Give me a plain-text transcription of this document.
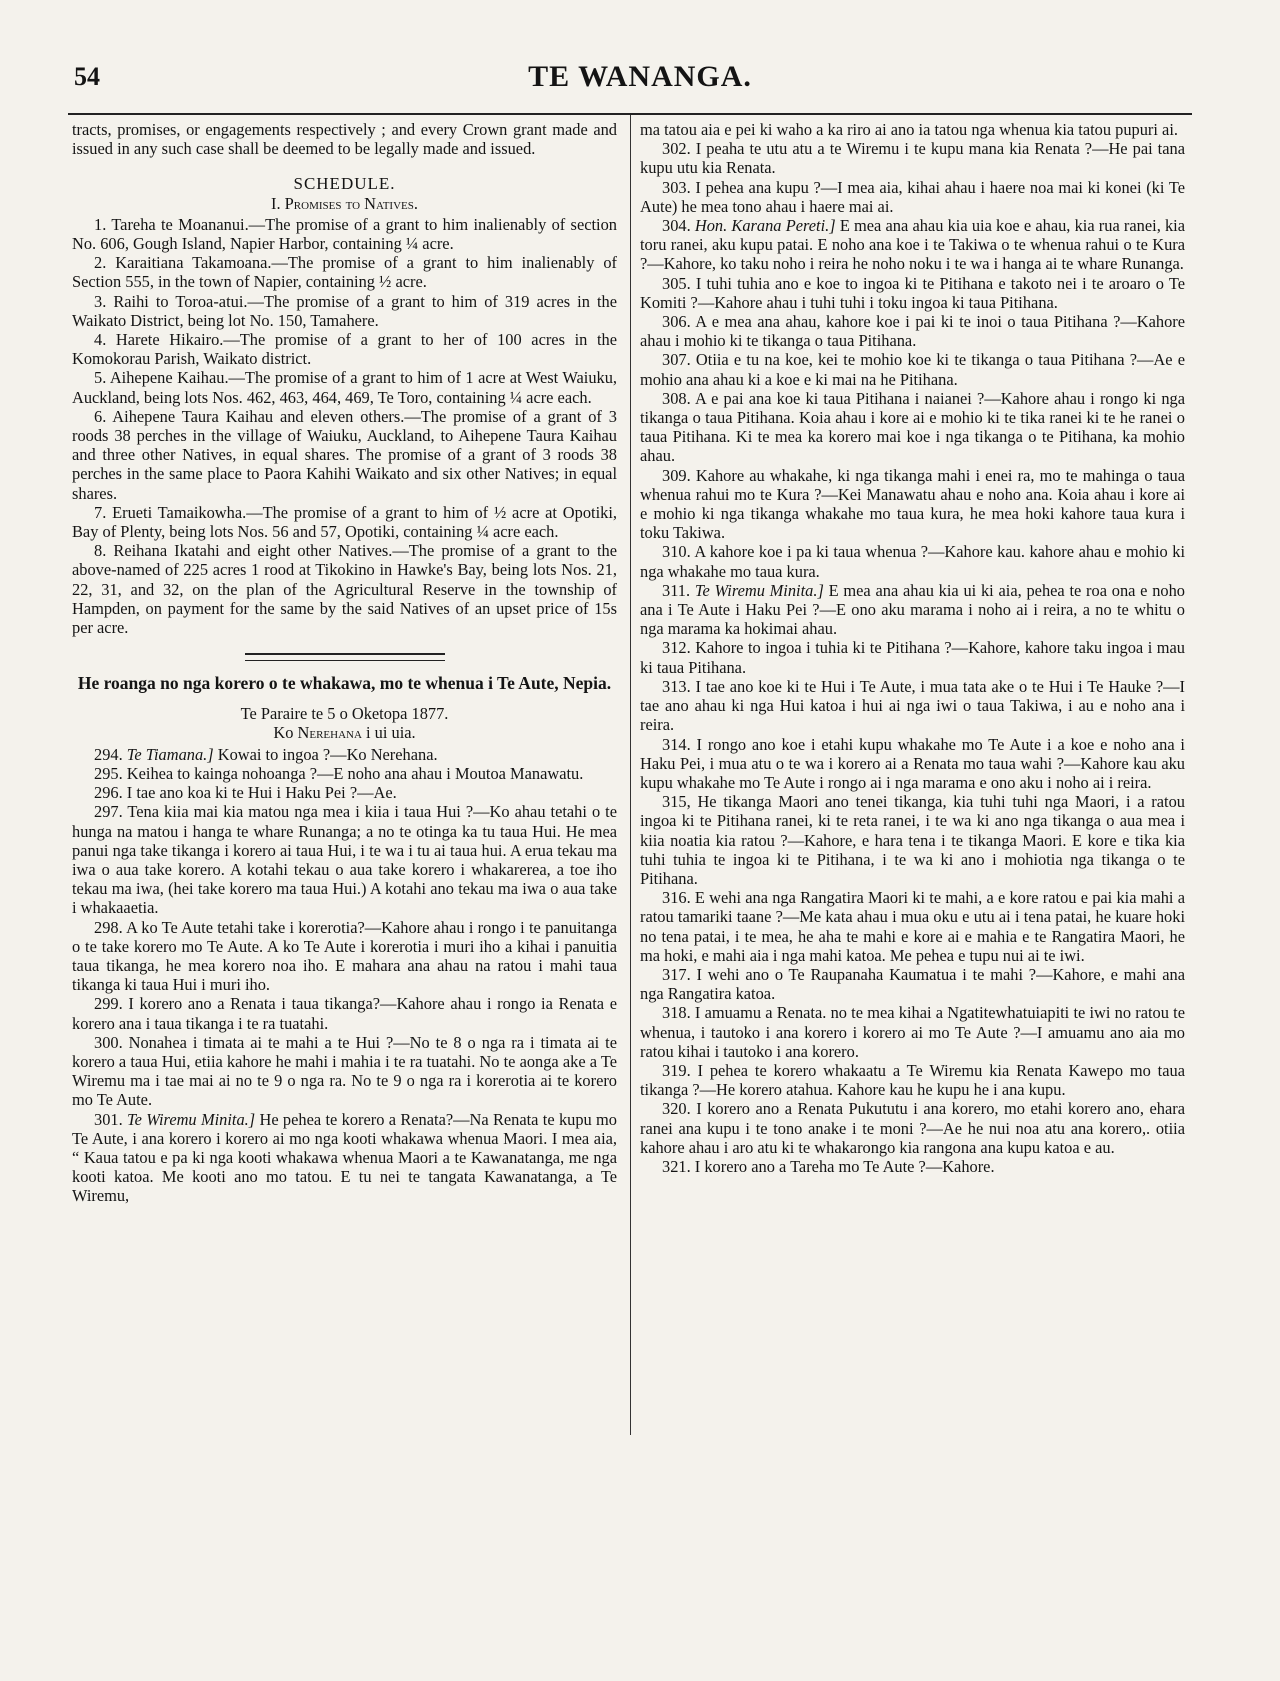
54	TE WANANGA.

tracts, promises, or engagements respectively ; and every Crown grant made and issued in any such case shall be deemed to be legally made and issued.

SCHEDULE.

I. Promises to Natives.

1. Tareha te Moananui.—The promise of a grant to him inalienably of section No. 606, Gough Island, Napier Harbor, containing ¼ acre.

2. Karaitiana Takamoana.—The promise of a grant to him inalienably of Section 555, in the town of Napier, containing ½ acre.

3. Raihi to Toroa-atui.—The promise of a grant to him of 319 acres in the Waikato District, being lot No. 150, Tamahere.

4. Harete Hikairo.—The promise of a grant to her of 100 acres in the Komokorau Parish, Waikato district.

5. Aihepene Kaihau.—The promise of a grant to him of 1 acre at West Waiuku, Auckland, being lots Nos. 462, 463, 464, 469, Te Toro, containing ¼ acre each.

6. Aihepene Taura Kaihau and eleven others.—The promise of a grant of 3 roods 38 perches in the village of Waiuku, Auckland, to Aihepene Taura Kaihau and three other Natives, in equal shares. The promise of a grant of 3 roods 38 perches in the same place to Paora Kahihi Waikato and six other Natives; in equal shares.

7. Erueti Tamaikowha.—The promise of a grant to him of ½ acre at Opotiki, Bay of Plenty, being lots Nos. 56 and 57, Opotiki, containing ¼ acre each.

8. Reihana Ikatahi and eight other Natives.—The promise of a grant to the above-named of 225 acres 1 rood at Tikokino in Hawke's Bay, being lots Nos. 21, 22, 31, and 32, on the plan of the Agricultural Reserve in the township of Hampden, on payment for the same by the said Natives of an upset price of 15s per acre.

He roanga no nga korero o te whakawa, mo te whenua i Te Aute, Nepia.

Te Paraire te 5 o Oketopa 1877.

Ko Nerehana i ui uia.

294. Te Tiamana.] Kowai to ingoa ?—Ko Nerehana.

295. Keihea to kainga nohoanga ?—E noho ana ahau i Moutoa Manawatu.

296. I tae ano koa ki te Hui i Haku Pei ?—Ae.

297. Tena kiia mai kia matou nga mea i kiia i taua Hui ?—Ko ahau tetahi o te hunga na matou i hanga te whare Runanga; a no te otinga ka tu taua Hui. He mea panui nga take tikanga i korero ai taua Hui, i te wa i tu ai taua hui. A erua tekau ma iwa o aua take korero. A kotahi tekau o aua take korero i whakarerea, a toe iho tekau ma iwa, (hei take korero ma taua Hui.) A kotahi ano tekau ma iwa o aua take i whakaaetia.

298. A ko Te Aute tetahi take i korerotia?—Kahore ahau i rongo i te panuitanga o te take korero mo Te Aute. A ko Te Aute i korerotia i muri iho a kihai i panuitia taua tikanga, he mea korero noa iho. E mahara ana ahau na ratou i mahi taua tikanga ki taua Hui i muri iho.

299. I korero ano a Renata i taua tikanga?—Kahore ahau i rongo ia Renata e korero ana i taua tikanga i te ra tuatahi.

300. Nonahea i timata ai te mahi a te Hui ?—No te 8 o nga ra i timata ai te korero a taua Hui, etiia kahore he mahi i mahia i te ra tuatahi. No te aonga ake a Te Wiremu ma i tae mai ai no te 9 o nga ra. No te 9 o nga ra i korerotia ai te korero mo Te Aute.

301. Te Wiremu Minita.] He pehea te korero a Renata?—Na Renata te kupu mo Te Aute, i ana korero i korero ai mo nga kooti whakawa whenua Maori. I mea aia, “ Kaua tatou e pa ki nga kooti whakawa whenua Maori a te Kawanatanga, me nga kooti katoa. Me kooti ano mo tatou. E tu nei te tangata Kawanatanga, a Te Wiremu,

ma tatou aia e pei ki waho a ka riro ai ano ia tatou nga whenua kia tatou pupuri ai.

302. I peaha te utu atu a te Wiremu i te kupu mana kia Renata ?—He pai tana kupu utu kia Renata.

303. I pehea ana kupu ?—I mea aia, kihai ahau i haere noa mai ki konei (ki Te Aute) he mea tono ahau i haere mai ai.

304. Hon. Karana Pereti.] E mea ana ahau kia uia koe e ahau, kia rua ranei, kia toru ranei, aku kupu patai. E noho ana koe i te Takiwa o te whenua rahui o te Kura ?—Kahore, ko taku noho i reira he noho noku i te wa i hanga ai te whare Runanga.

305. I tuhi tuhia ano e koe to ingoa ki te Pitihana e takoto nei i te aroaro o Te Komiti ?—Kahore ahau i tuhi tuhi i toku ingoa ki taua Pitihana.

306. A e mea ana ahau, kahore koe i pai ki te inoi o taua Pitihana ?—Kahore ahau i mohio ki te tikanga o taua Pitihana.

307. Otiia e tu na koe, kei te mohio koe ki te tikanga o taua Pitihana ?—Ae e mohio ana ahau ki a koe e ki mai na he Pitihana.

308. A e pai ana koe ki taua Pitihana i naianei ?—Kahore ahau i rongo ki nga tikanga o taua Pitihana. Koia ahau i kore ai e mohio ki te tika ranei ki te he ranei o taua Pitihana. Ki te mea ka korero mai koe i nga tikanga o te Pitihana, ka mohio ahau.

309. Kahore au whakahe, ki nga tikanga mahi i enei ra, mo te mahinga o taua whenua rahui mo te Kura ?—Kei Manawatu ahau e noho ana. Koia ahau i kore ai e mohio ki nga tikanga whakahe mo taua kura, he mea hoki kahore taua kura i toku Takiwa.

310. A kahore koe i pa ki taua whenua ?—Kahore kau. kahore ahau e mohio ki nga whakahe mo taua kura.

311. Te Wiremu Minita.] E mea ana ahau kia ui ki aia, pehea te roa ona e noho ana i Te Aute i Haku Pei ?—E ono aku marama i noho ai i reira, a no te whitu o nga marama ka hokimai ahau.

312. Kahore to ingoa i tuhia ki te Pitihana ?—Kahore, kahore taku ingoa i mau ki taua Pitihana.

313. I tae ano koe ki te Hui i Te Aute, i mua tata ake o te Hui i Te Hauke ?—I tae ano ahau ki nga Hui katoa i hui ai nga iwi o taua Takiwa, i au e noho ana i reira.

314. I rongo ano koe i etahi kupu whakahe mo Te Aute i a koe e noho ana i Haku Pei, i mua atu o te wa i korero ai a Renata mo taua wahi ?—Kahore kau aku kupu whakahe mo Te Aute i rongo ai i nga marama e ono aku i noho ai i reira.

315, He tikanga Maori ano tenei tikanga, kia tuhi tuhi nga Maori, i a ratou ingoa ki te Pitihana ranei, ki te reta ranei, i te wa ki ano nga tikanga o aua mea i kiia noatia kia ratou ?—Kahore, e hara tena i te tikanga Maori. E kore e tika kia tuhi tuhia te ingoa ki te Pitihana, i te wa ki ano i mohiotia nga tikanga o te Pitihana.

316. E wehi ana nga Rangatira Maori ki te mahi, a e kore ratou e pai kia mahi a ratou tamariki taane ?—Me kata ahau i mua oku e utu ai i tena patai, he kuare hoki no tena patai, i te mea, he aha te mahi e kore ai e mahia e te Rangatira Maori, he ma hoki, e mahi aia i nga mahi katoa. Me pehea e tupu nui ai te iwi.

317. I wehi ano o Te Raupanaha Kaumatua i te mahi ?—Kahore, e mahi ana nga Rangatira katoa.

318. I amuamu a Renata. no te mea kihai a Ngatitewhatuiapiti te iwi no ratou te whenua, i tautoko i ana korero i korero ai mo Te Aute ?—I amuamu ano aia mo ratou kihai i tautoko i ana korero.

319. I pehea te korero whakaatu a Te Wiremu kia Renata Kawepo mo taua tikanga ?—He korero atahua. Kahore kau he kupu he i ana kupu.

320. I korero ano a Renata Pukututu i ana korero, mo etahi korero ano, ehara ranei ana kupu i te tono anake i te moni ?—Ae he nui noa atu ana korero,. otiia kahore ahau i aro atu ki te whakarongo kia rangona ana kupu katoa e au.

321. I korero ano a Tareha mo Te Aute ?—Kahore.
